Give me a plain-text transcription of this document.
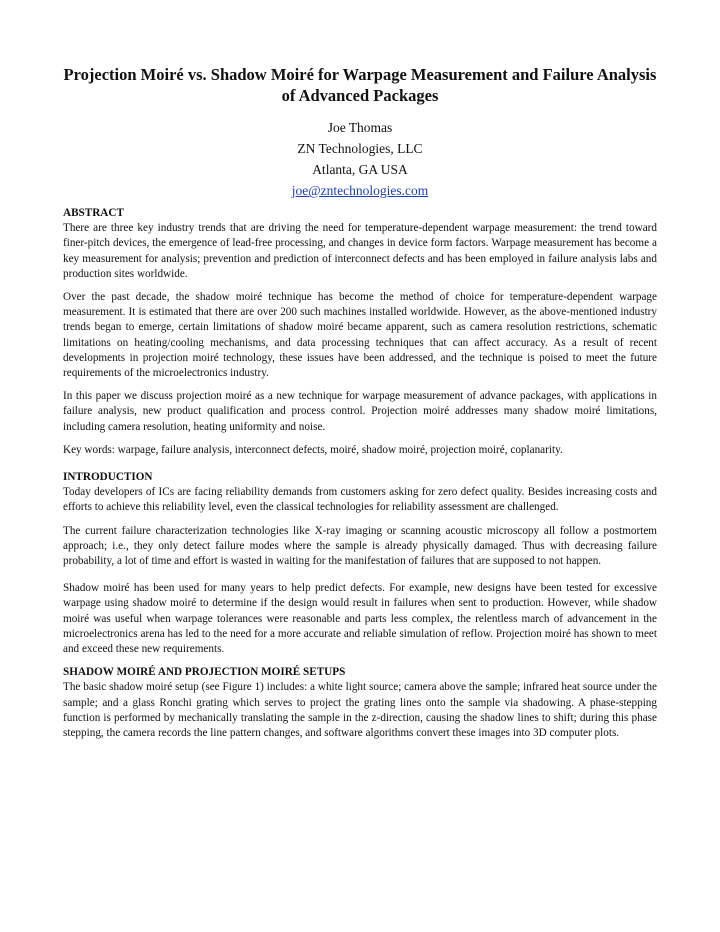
Projection Moiré vs. Shadow Moiré for Warpage Measurement and Failure Analysis of Advanced Packages
Joe Thomas
ZN Technologies, LLC
Atlanta, GA USA
joe@zntechnologies.com
ABSTRACT

There are three key industry trends that are driving the need for temperature-dependent warpage measurement: the trend toward finer-pitch devices, the emergence of lead-free processing, and changes in device form factors. Warpage measurement has become a key measurement for analysis; prevention and prediction of interconnect defects and has been employed in failure analysis labs and production sites worldwide.

Over the past decade, the shadow moiré technique has become the method of choice for temperature-dependent warpage measurement. It is estimated that there are over 200 such machines installed worldwide. However, as the above-mentioned industry trends began to emerge, certain limitations of shadow moiré became apparent, such as camera resolution restrictions, schematic limitations on heating/cooling mechanisms, and data processing techniques that can affect accuracy. As a result of recent developments in projection moiré technology, these issues have been addressed, and the technique is poised to meet the future requirements of the microelectronics industry.

In this paper we discuss projection moiré as a new technique for warpage measurement of advance packages, with applications in failure analysis, new product qualification and process control. Projection moiré addresses many shadow moiré limitations, including camera resolution, heating uniformity and noise.

Key words: warpage, failure analysis, interconnect defects, moiré, shadow moiré, projection moiré, coplanarity.

INTRODUCTION

Today developers of ICs are facing reliability demands from customers asking for zero defect quality. Besides increasing costs and efforts to achieve this reliability level, even the classical technologies for reliability assessment are challenged.

The current failure characterization technologies like X-ray imaging or scanning acoustic microscopy all follow a postmortem approach; i.e., they only detect failure modes where the sample is already physically damaged. Thus with decreasing failure probability, a lot of time and effort is wasted in waiting for the manifestation of failures that are supposed to not happen.

Shadow moiré has been used for many years to help predict defects. For example, new designs have been tested for excessive warpage using shadow moiré to determine if the design would result in failures when sent to production. However, while shadow moiré was useful when warpage tolerances were reasonable and parts less complex, the relentless march of advancement in the microelectronics arena has led to the need for a more accurate and reliable simulation of reflow. Projection moiré has shown to meet and exceed these new requirements.

SHADOW MOIRÉ AND PROJECTION MOIRÉ SETUPS

The basic shadow moiré setup (see Figure 1) includes: a white light source; camera above the sample; infrared heat source under the sample; and a glass Ronchi grating which serves to project the grating lines onto the sample via shadowing. A phase-stepping function is performed by mechanically translating the sample in the z-direction, causing the shadow lines to shift; during this phase stepping, the camera records the line pattern changes, and software algorithms convert these images into 3D computer plots.
